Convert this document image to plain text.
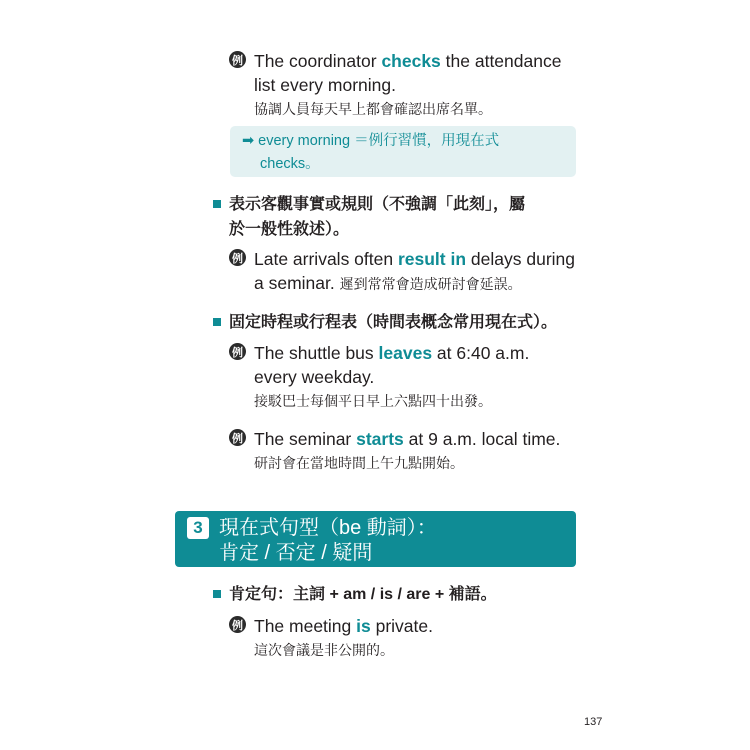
例 The coordinator checks the attendance
list every morning.
協調人員每天早上都會確認出席名單。
➡ every morning ＝例行習慣，用現在式
checks。
表示客觀事實或規則（不強調「此刻」，屬
於一般性敘述）。
例 Late arrivals often result in delays during
a seminar. 遲到常常會造成研討會延誤。
固定時程或行程表（時間表概念常用現在式）。
例 The shuttle bus leaves at 6:40 a.m.
every weekday.
接駁巴士每個平日早上六點四十出發。
例 The seminar starts at 9 a.m. local time.
研討會在當地時間上午九點開始。
3 現在式句型（be 動詞）：
肯定 / 否定 / 疑問
肯定句：主詞 + am / is / are + 補語。
例 The meeting is private.
這次會議是非公開的。
137
